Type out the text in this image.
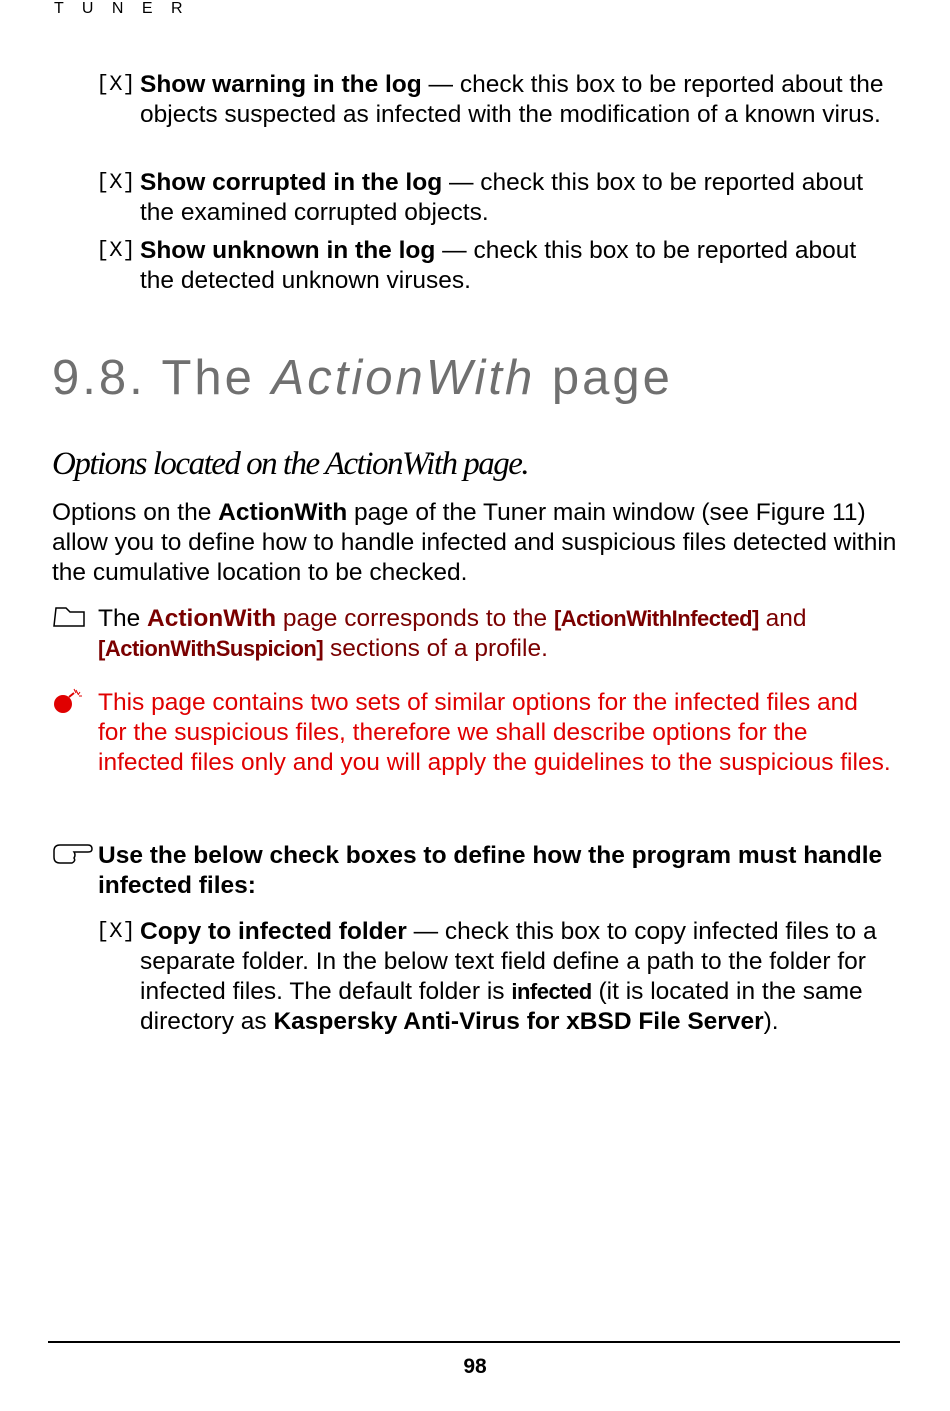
T U N E R
[X] Show warning in the log — check this box to be reported about the objects suspected as infected with the modification of a known virus.
[X] Show corrupted in the log — check this box to be reported about the examined corrupted objects.
[X] Show unknown in the log — check this box to be reported about the detected unknown viruses.
9.8. The ActionWith page
Options located on the ActionWith page.
Options on the ActionWith page of the Tuner main window (see Figure 11) allow you to define how to handle infected and suspicious files detected within the cumulative location to be checked.
The ActionWith page corresponds to the [ActionWithInfected] and [ActionWithSuspicion] sections of a profile.
This page contains two sets of similar options for the infected files and for the suspicious files, therefore we shall describe options for the infected files only and you will apply the guidelines to the suspicious files.
Use the below check boxes to define how the program must handle infected files:
[X] Copy to infected folder — check this box to copy infected files to a separate folder. In the below text field define a path to the folder for infected files. The default folder is infected (it is located in the same directory as Kaspersky Anti-Virus for xBSD File Server).
98
